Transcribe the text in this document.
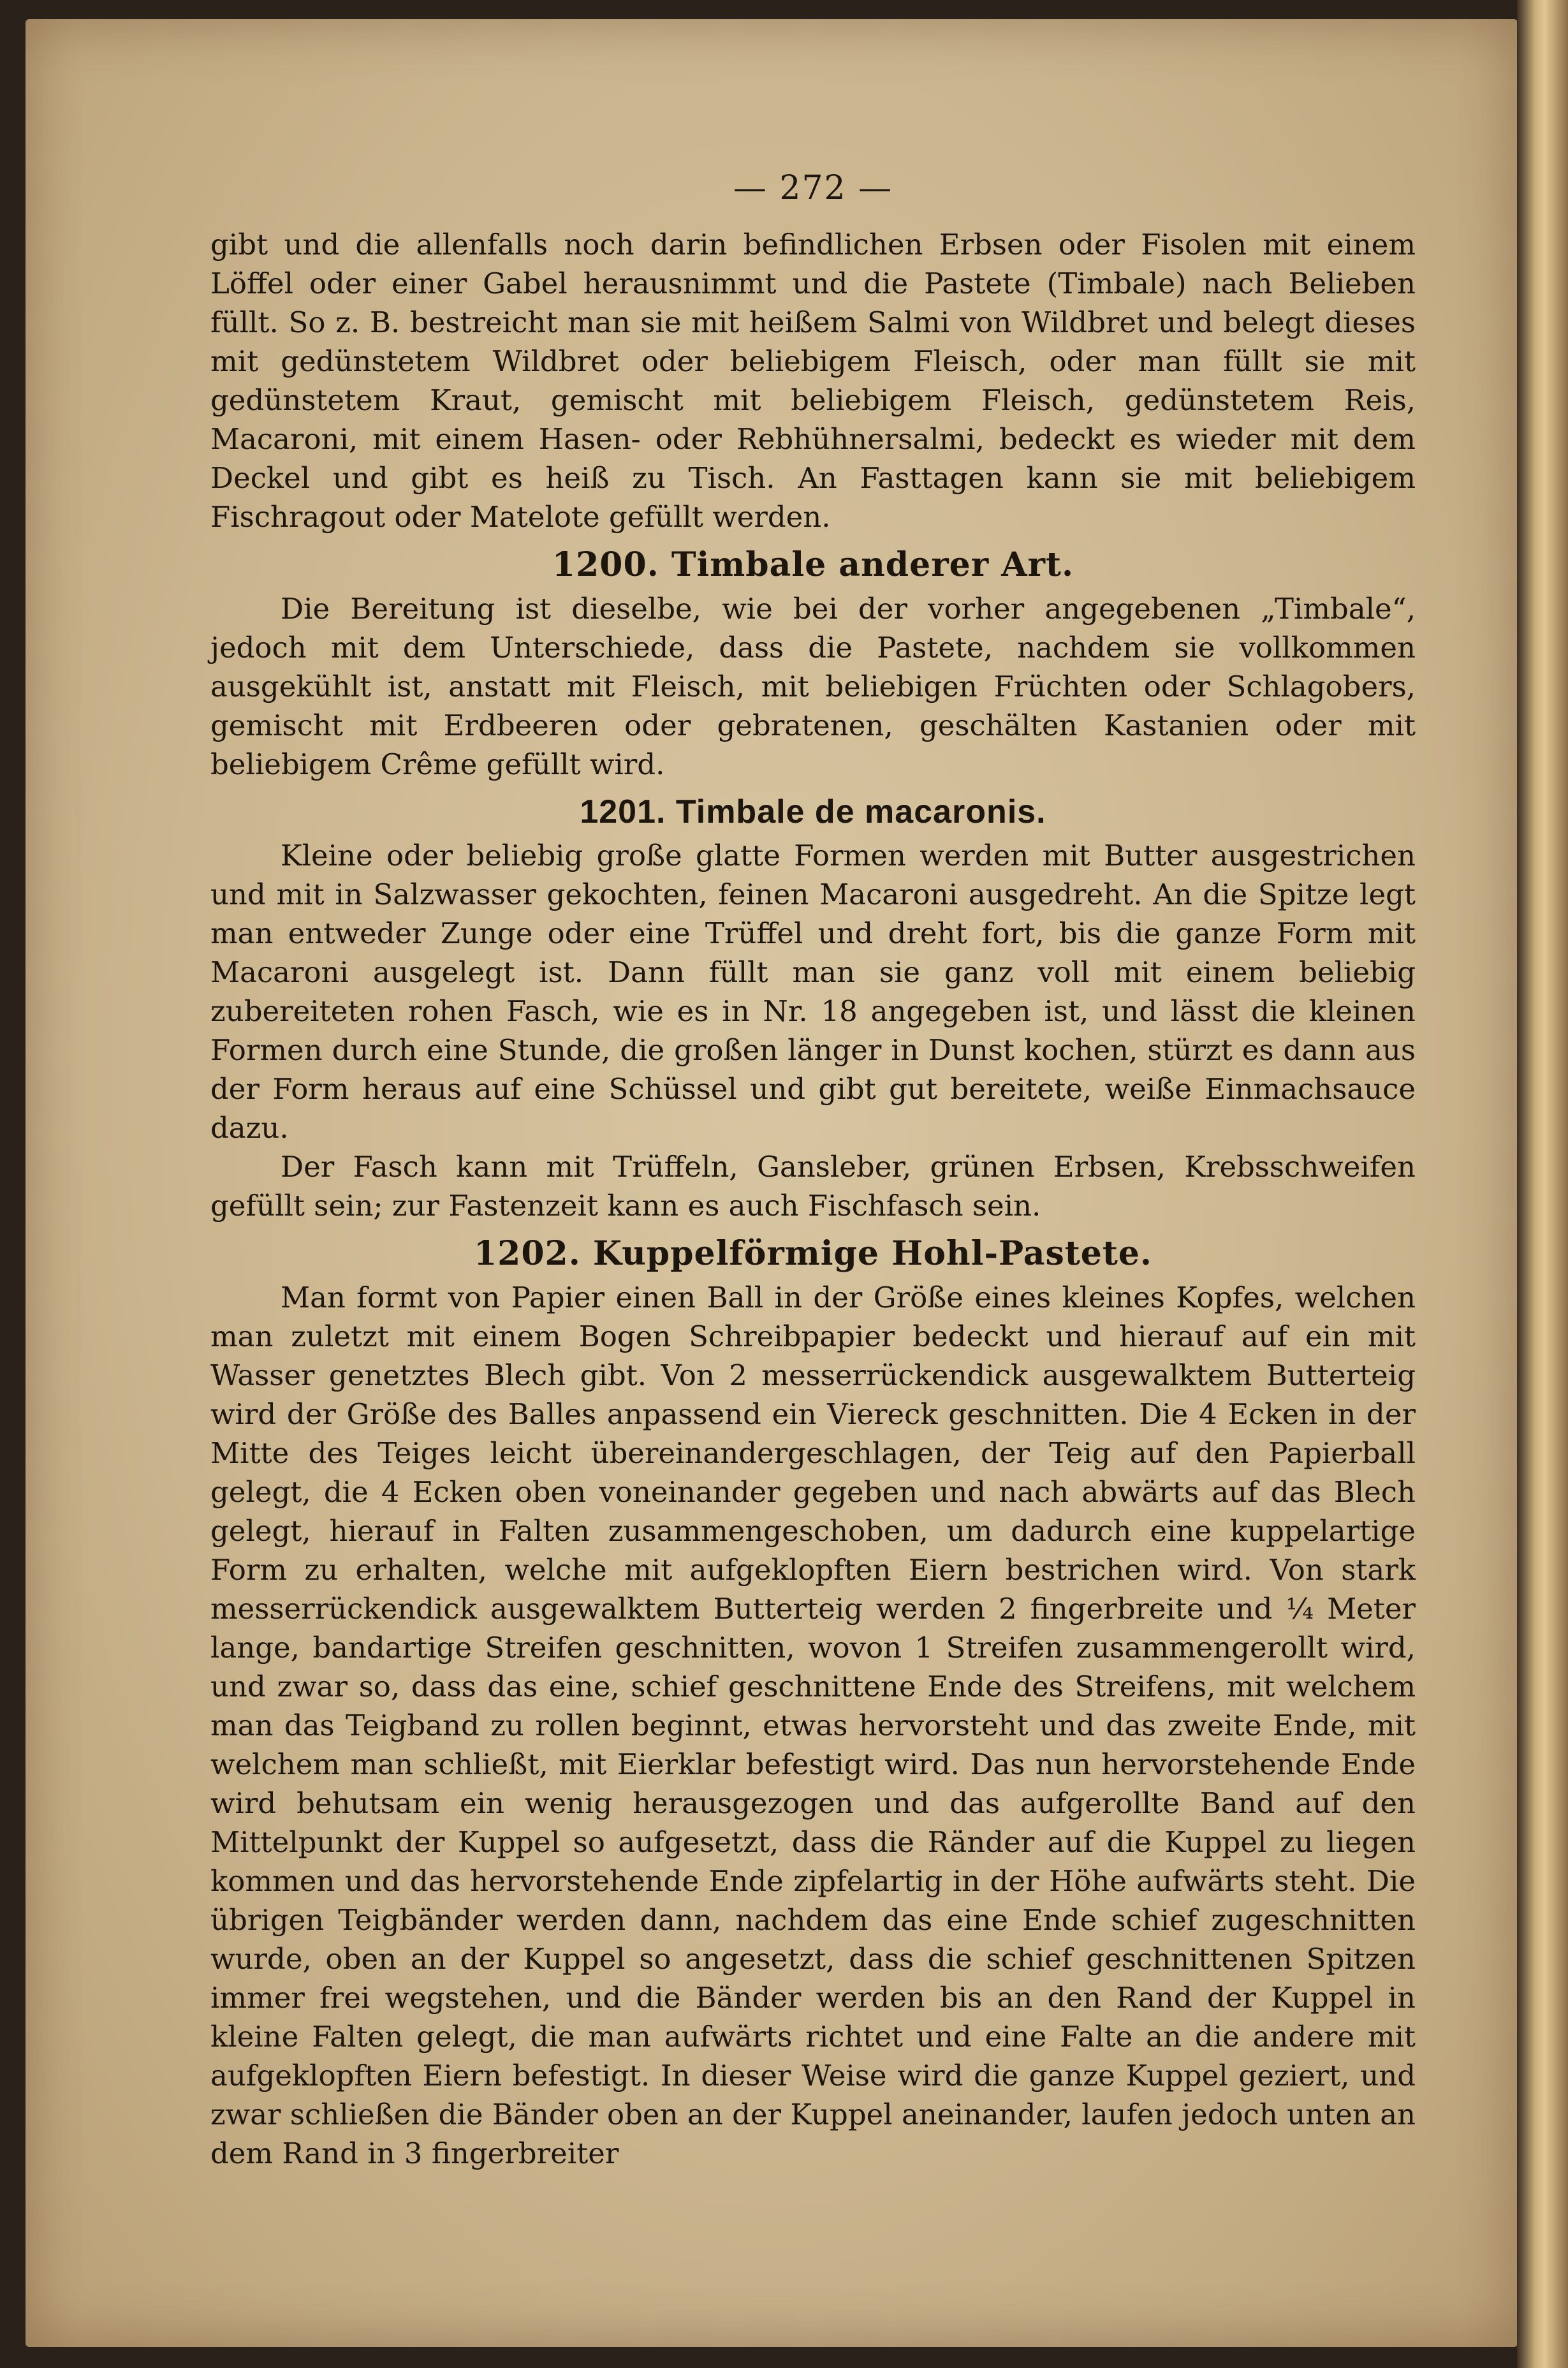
— 272 —

gibt und die allenfalls noch darin befindlichen Erbsen oder Fisolen mit einem Löffel oder einer Gabel herausnimmt und die Pastete (Timbale) nach Belieben füllt. So z. B. bestreicht man sie mit heißem Salmi von Wildbret und belegt dieses mit gedünstetem Wildbret oder beliebigem Fleisch, oder man füllt sie mit gedünstetem Kraut, gemischt mit beliebigem Fleisch, gedünstetem Reis, Macaroni, mit einem Hasen- oder Rebhühnersalmi, bedeckt es wieder mit dem Deckel und gibt es heiß zu Tisch. An Fasttagen kann sie mit beliebigem Fischragout oder Matelote gefüllt werden.

1200. Timbale anderer Art.

Die Bereitung ist dieselbe, wie bei der vorher angegebenen „Timbale“, jedoch mit dem Unterschiede, dass die Pastete, nachdem sie vollkommen ausgekühlt ist, anstatt mit Fleisch, mit beliebigen Früchten oder Schlagobers, gemischt mit Erdbeeren oder gebratenen, geschälten Kastanien oder mit beliebigem Crême gefüllt wird.

1201. Timbale de macaronis.

Kleine oder beliebig große glatte Formen werden mit Butter ausgestrichen und mit in Salzwasser gekochten, feinen Macaroni ausgedreht. An die Spitze legt man entweder Zunge oder eine Trüffel und dreht fort, bis die ganze Form mit Macaroni ausgelegt ist. Dann füllt man sie ganz voll mit einem beliebig zubereiteten rohen Fasch, wie es in Nr. 18 angegeben ist, und lässt die kleinen Formen durch eine Stunde, die großen länger in Dunst kochen, stürzt es dann aus der Form heraus auf eine Schüssel und gibt gut bereitete, weiße Einmachsauce dazu.

Der Fasch kann mit Trüffeln, Gansleber, grünen Erbsen, Krebsschweifen gefüllt sein; zur Fastenzeit kann es auch Fischfasch sein.

1202. Kuppelförmige Hohl-Pastete.

Man formt von Papier einen Ball in der Größe eines kleines Kopfes, welchen man zuletzt mit einem Bogen Schreibpapier bedeckt und hierauf auf ein mit Wasser genetztes Blech gibt. Von 2 messerrückendick ausgewalktem Butterteig wird der Größe des Balles anpassend ein Viereck geschnitten. Die 4 Ecken in der Mitte des Teiges leicht übereinandergeschlagen, der Teig auf den Papierball gelegt, die 4 Ecken oben voneinander gegeben und nach abwärts auf das Blech gelegt, hierauf in Falten zusammengeschoben, um dadurch eine kuppelartige Form zu erhalten, welche mit aufgeklopften Eiern bestrichen wird. Von stark messerrückendick ausgewalktem Butterteig werden 2 fingerbreite und ¼ Meter lange, bandartige Streifen geschnitten, wovon 1 Streifen zusammengerollt wird, und zwar so, dass das eine, schief geschnittene Ende des Streifens, mit welchem man das Teigband zu rollen beginnt, etwas hervorsteht und das zweite Ende, mit welchem man schließt, mit Eierklar befestigt wird. Das nun hervorstehende Ende wird behutsam ein wenig herausgezogen und das aufgerollte Band auf den Mittelpunkt der Kuppel so aufgesetzt, dass die Ränder auf die Kuppel zu liegen kommen und das hervorstehende Ende zipfelartig in der Höhe aufwärts steht. Die übrigen Teigbänder werden dann, nachdem das eine Ende schief zugeschnitten wurde, oben an der Kuppel so angesetzt, dass die schief geschnittenen Spitzen immer frei wegstehen, und die Bänder werden bis an den Rand der Kuppel in kleine Falten gelegt, die man aufwärts richtet und eine Falte an die andere mit aufgeklopften Eiern befestigt. In dieser Weise wird die ganze Kuppel geziert, und zwar schließen die Bänder oben an der Kuppel aneinander, laufen jedoch unten an dem Rand in 3 fingerbreiter
